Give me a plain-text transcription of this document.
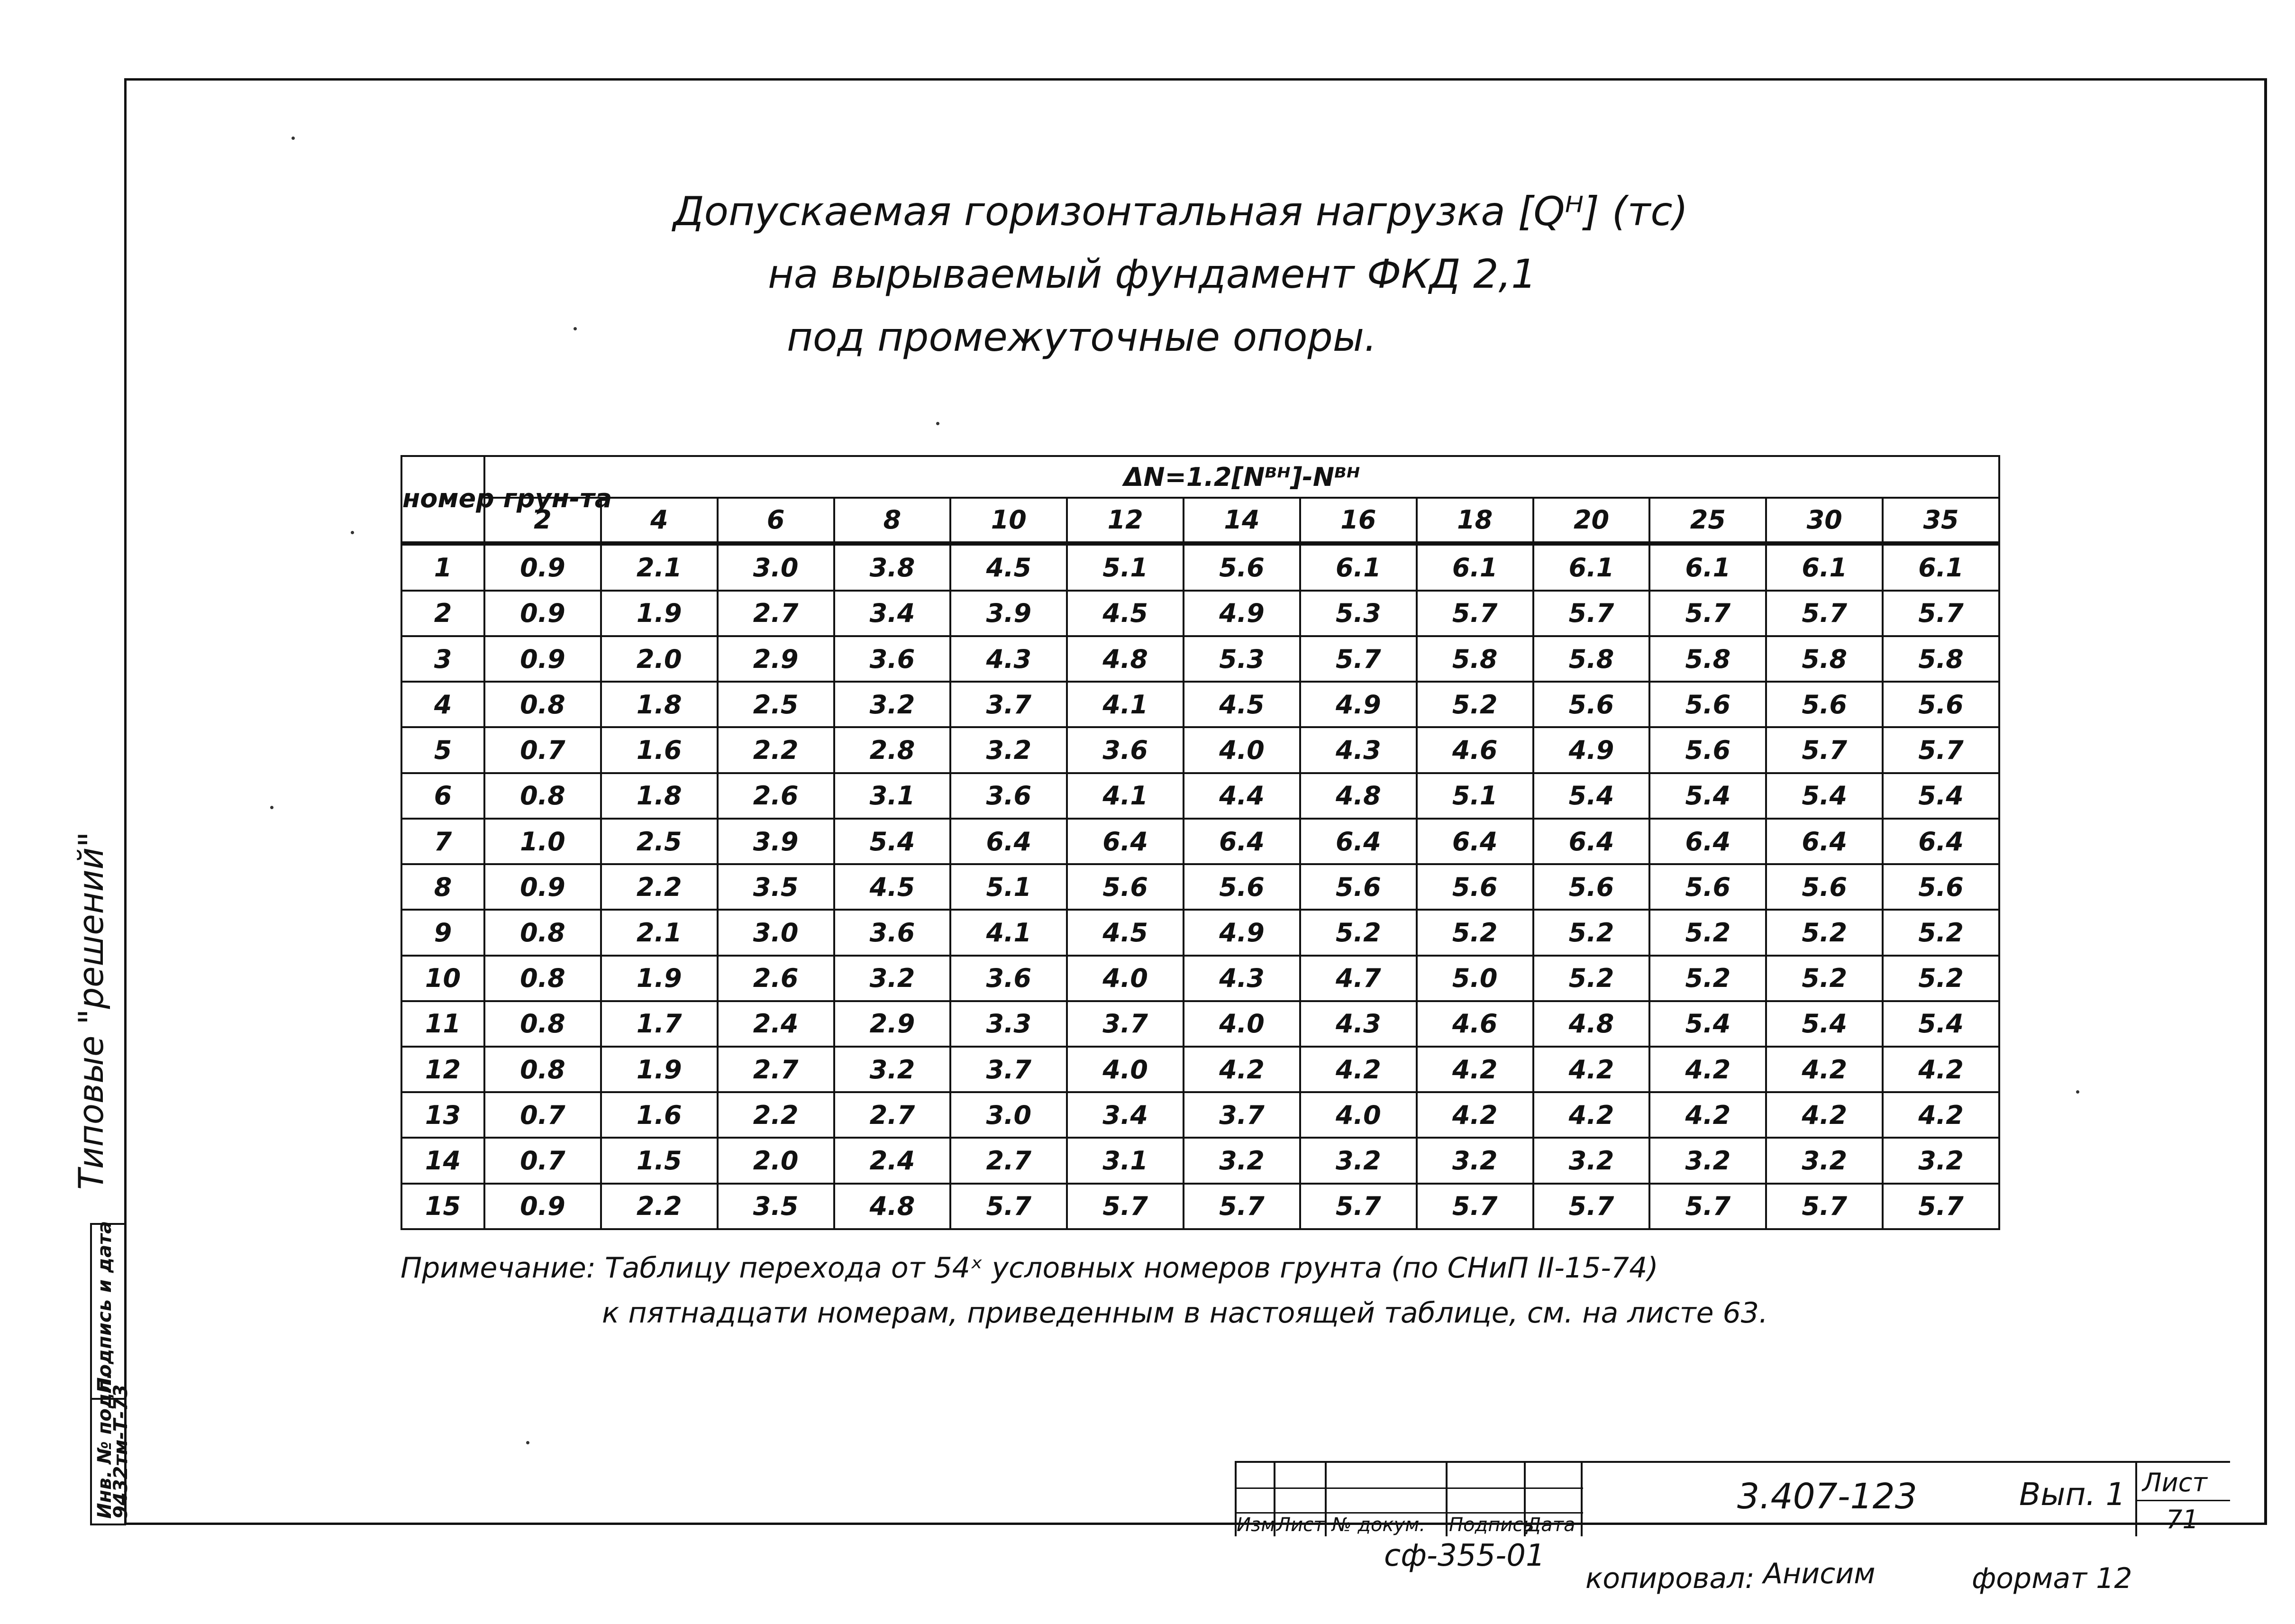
Допускаемая горизонтальная нагрузка [Qᴴ] (тс)
на вырываемый фундамент ФКД 2,1
под промежуточные опоры.
номер грун-та	ΔN=1.2[Nᴮᴴ]-Nᴮᴴ												
	2	4	6	8	10	12	14	16	18	20	25	30	35
1	0.9	2.1	3.0	3.8	4.5	5.1	5.6	6.1	6.1	6.1	6.1	6.1	6.1
2	0.9	1.9	2.7	3.4	3.9	4.5	4.9	5.3	5.7	5.7	5.7	5.7	5.7
3	0.9	2.0	2.9	3.6	4.3	4.8	5.3	5.7	5.8	5.8	5.8	5.8	5.8
4	0.8	1.8	2.5	3.2	3.7	4.1	4.5	4.9	5.2	5.6	5.6	5.6	5.6
5	0.7	1.6	2.2	2.8	3.2	3.6	4.0	4.3	4.6	4.9	5.6	5.7	5.7
6	0.8	1.8	2.6	3.1	3.6	4.1	4.4	4.8	5.1	5.4	5.4	5.4	5.4
7	1.0	2.5	3.9	5.4	6.4	6.4	6.4	6.4	6.4	6.4	6.4	6.4	6.4
8	0.9	2.2	3.5	4.5	5.1	5.6	5.6	5.6	5.6	5.6	5.6	5.6	5.6
9	0.8	2.1	3.0	3.6	4.1	4.5	4.9	5.2	5.2	5.2	5.2	5.2	5.2
10	0.8	1.9	2.6	3.2	3.6	4.0	4.3	4.7	5.0	5.2	5.2	5.2	5.2
11	0.8	1.7	2.4	2.9	3.3	3.7	4.0	4.3	4.6	4.8	5.4	5.4	5.4
12	0.8	1.9	2.7	3.2	3.7	4.0	4.2	4.2	4.2	4.2	4.2	4.2	4.2
13	0.7	1.6	2.2	2.7	3.0	3.4	3.7	4.0	4.2	4.2	4.2	4.2	4.2
14	0.7	1.5	2.0	2.4	2.7	3.1	3.2	3.2	3.2	3.2	3.2	3.2	3.2
15	0.9	2.2	3.5	4.8	5.7	5.7	5.7	5.7	5.7	5.7	5.7	5.7	5.7
Примечание: Таблицу перехода от 54ˣ условных номеров грунта (по СНиП II-15-74)
к пятнадцати номерам, приведенным в настоящей таблице, см. на листе 63.
Типовые "решений"
Подпись и дата
Инв. № подл.
9432тм-Т-73
Изм Лист № докум. Подпись
Дата
3.407-123	Вып. 1 Лист
71
сф-355-01
копировал: Анисим	формат 12
